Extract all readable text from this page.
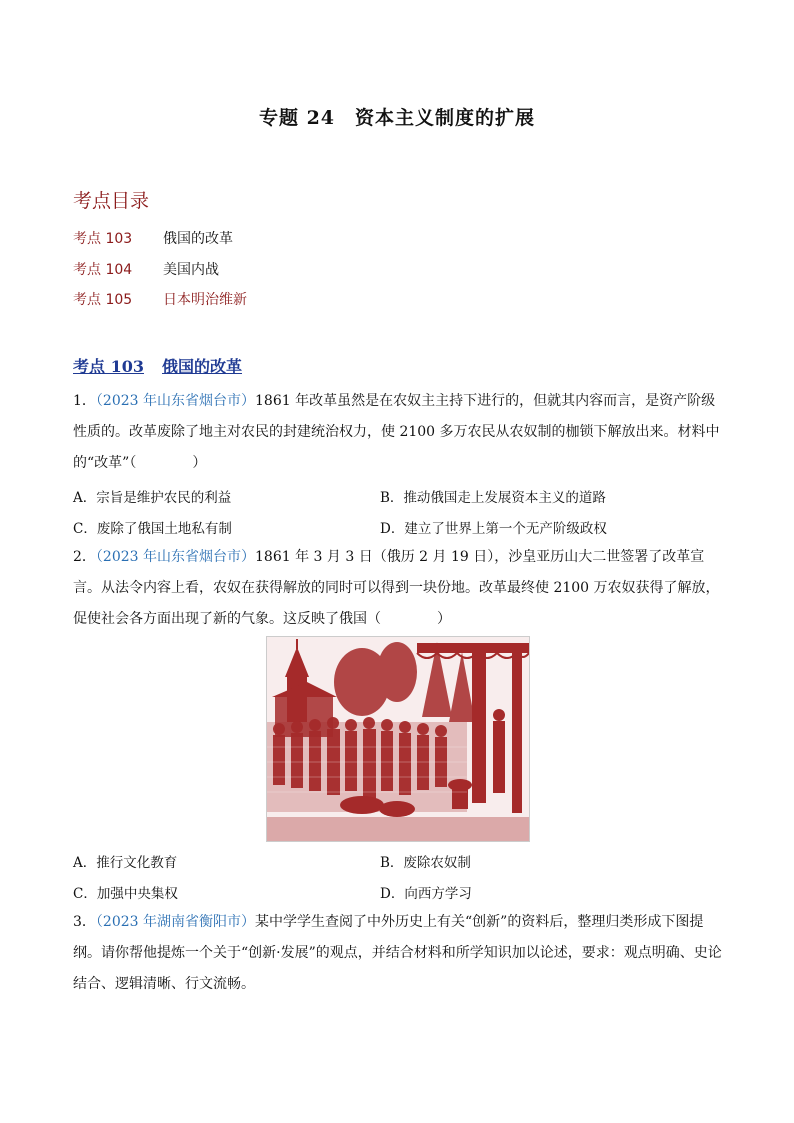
专题 24　资本主义制度的扩展
考点目录
考点 103 俄国的改革
考点 104 美国内战
考点 105 日本明治维新
考点 103 俄国的改革
1．（2023 年山东省烟台市）1861 年改革虽然是在农奴主主持下进行的，但就其内容而言，是资产阶级性质的。改革废除了地主对农民的封建统治权力，使 2100 多万农民从农奴制的枷锁下解放出来。材料中的“改革”（　　　　）
A．宗旨是维护农民的利益	B．推动俄国走上发展资本主义的道路
C．废除了俄国土地私有制	D．建立了世界上第一个无产阶级政权
2．（2023 年山东省烟台市）1861 年 3 月 3 日（俄历 2 月 19 日），沙皇亚历山大二世签署了改革宣言。从法令内容上看，农奴在获得解放的同时可以得到一块份地。改革最终使 2100 万农奴获得了解放，促使社会各方面出现了新的气象。这反映了俄国（　　　　）
A．推行文化教育	B．废除农奴制
C．加强中央集权	D．向西方学习
3．（2023 年湖南省衡阳市）某中学学生查阅了中外历史上有关“创新”的资料后，整理归类形成下图提纲。请你帮他提炼一个关于“创新·发展”的观点，并结合材料和所学知识加以论述，要求：观点明确、史论结合、逻辑清晰、行文流畅。
